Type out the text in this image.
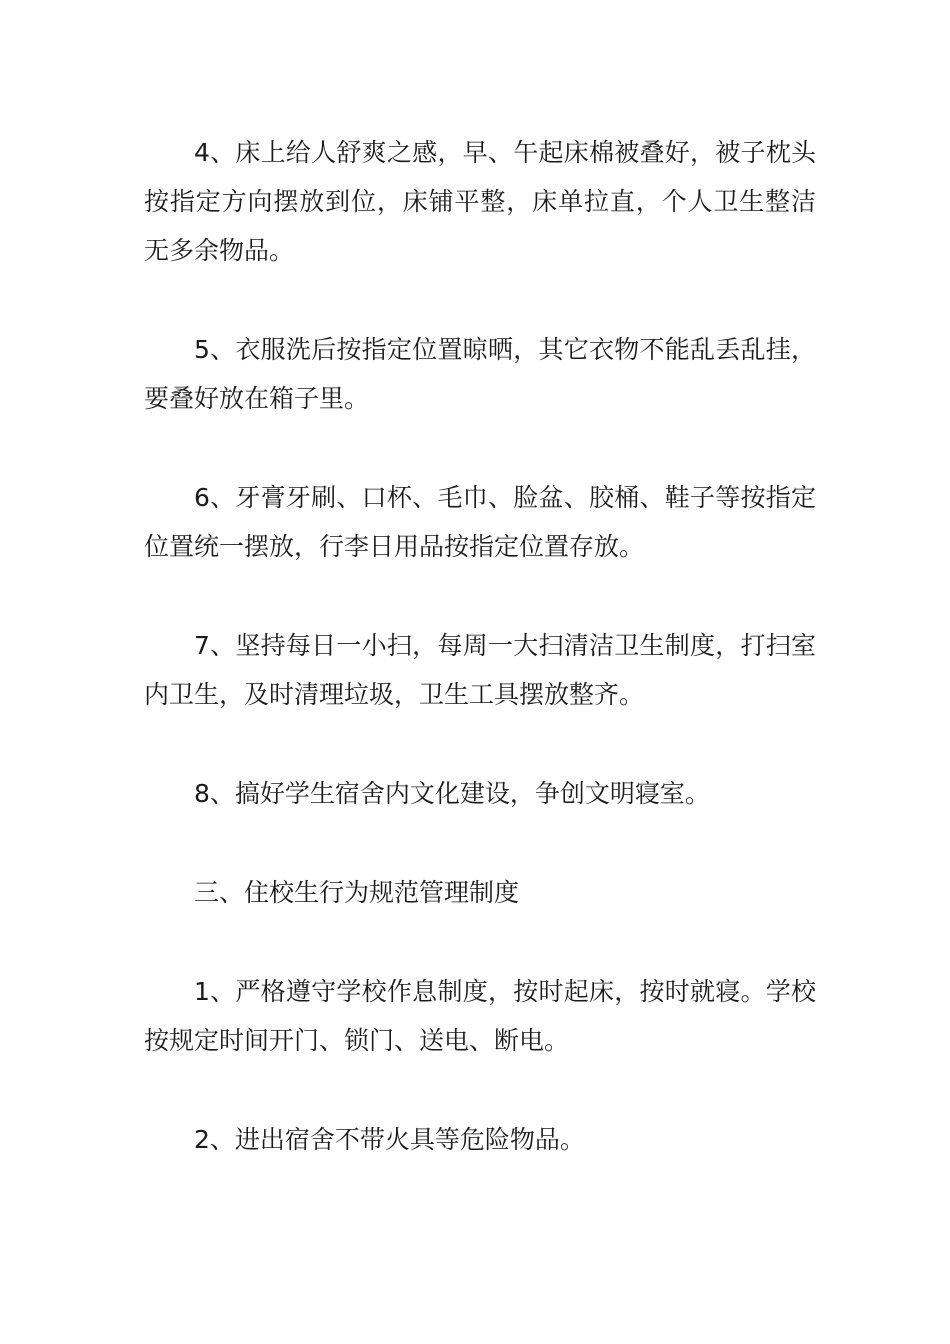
4、床上给人舒爽之感，早、午起床棉被叠好，被子枕头按指定方向摆放到位，床铺平整，床单拉直，个人卫生整洁无多余物品。

5、衣服洗后按指定位置晾晒，其它衣物不能乱丢乱挂，要叠好放在箱子里。

6、牙膏牙刷、口杯、毛巾、脸盆、胶桶、鞋子等按指定位置统一摆放，行李日用品按指定位置存放。

7、坚持每日一小扫，每周一大扫清洁卫生制度，打扫室内卫生，及时清理垃圾，卫生工具摆放整齐。

8、搞好学生宿舍内文化建设，争创文明寝室。

三、住校生行为规范管理制度

1、严格遵守学校作息制度，按时起床，按时就寝。学校按规定时间开门、锁门、送电、断电。

2、进出宿舍不带火具等危险物品。
